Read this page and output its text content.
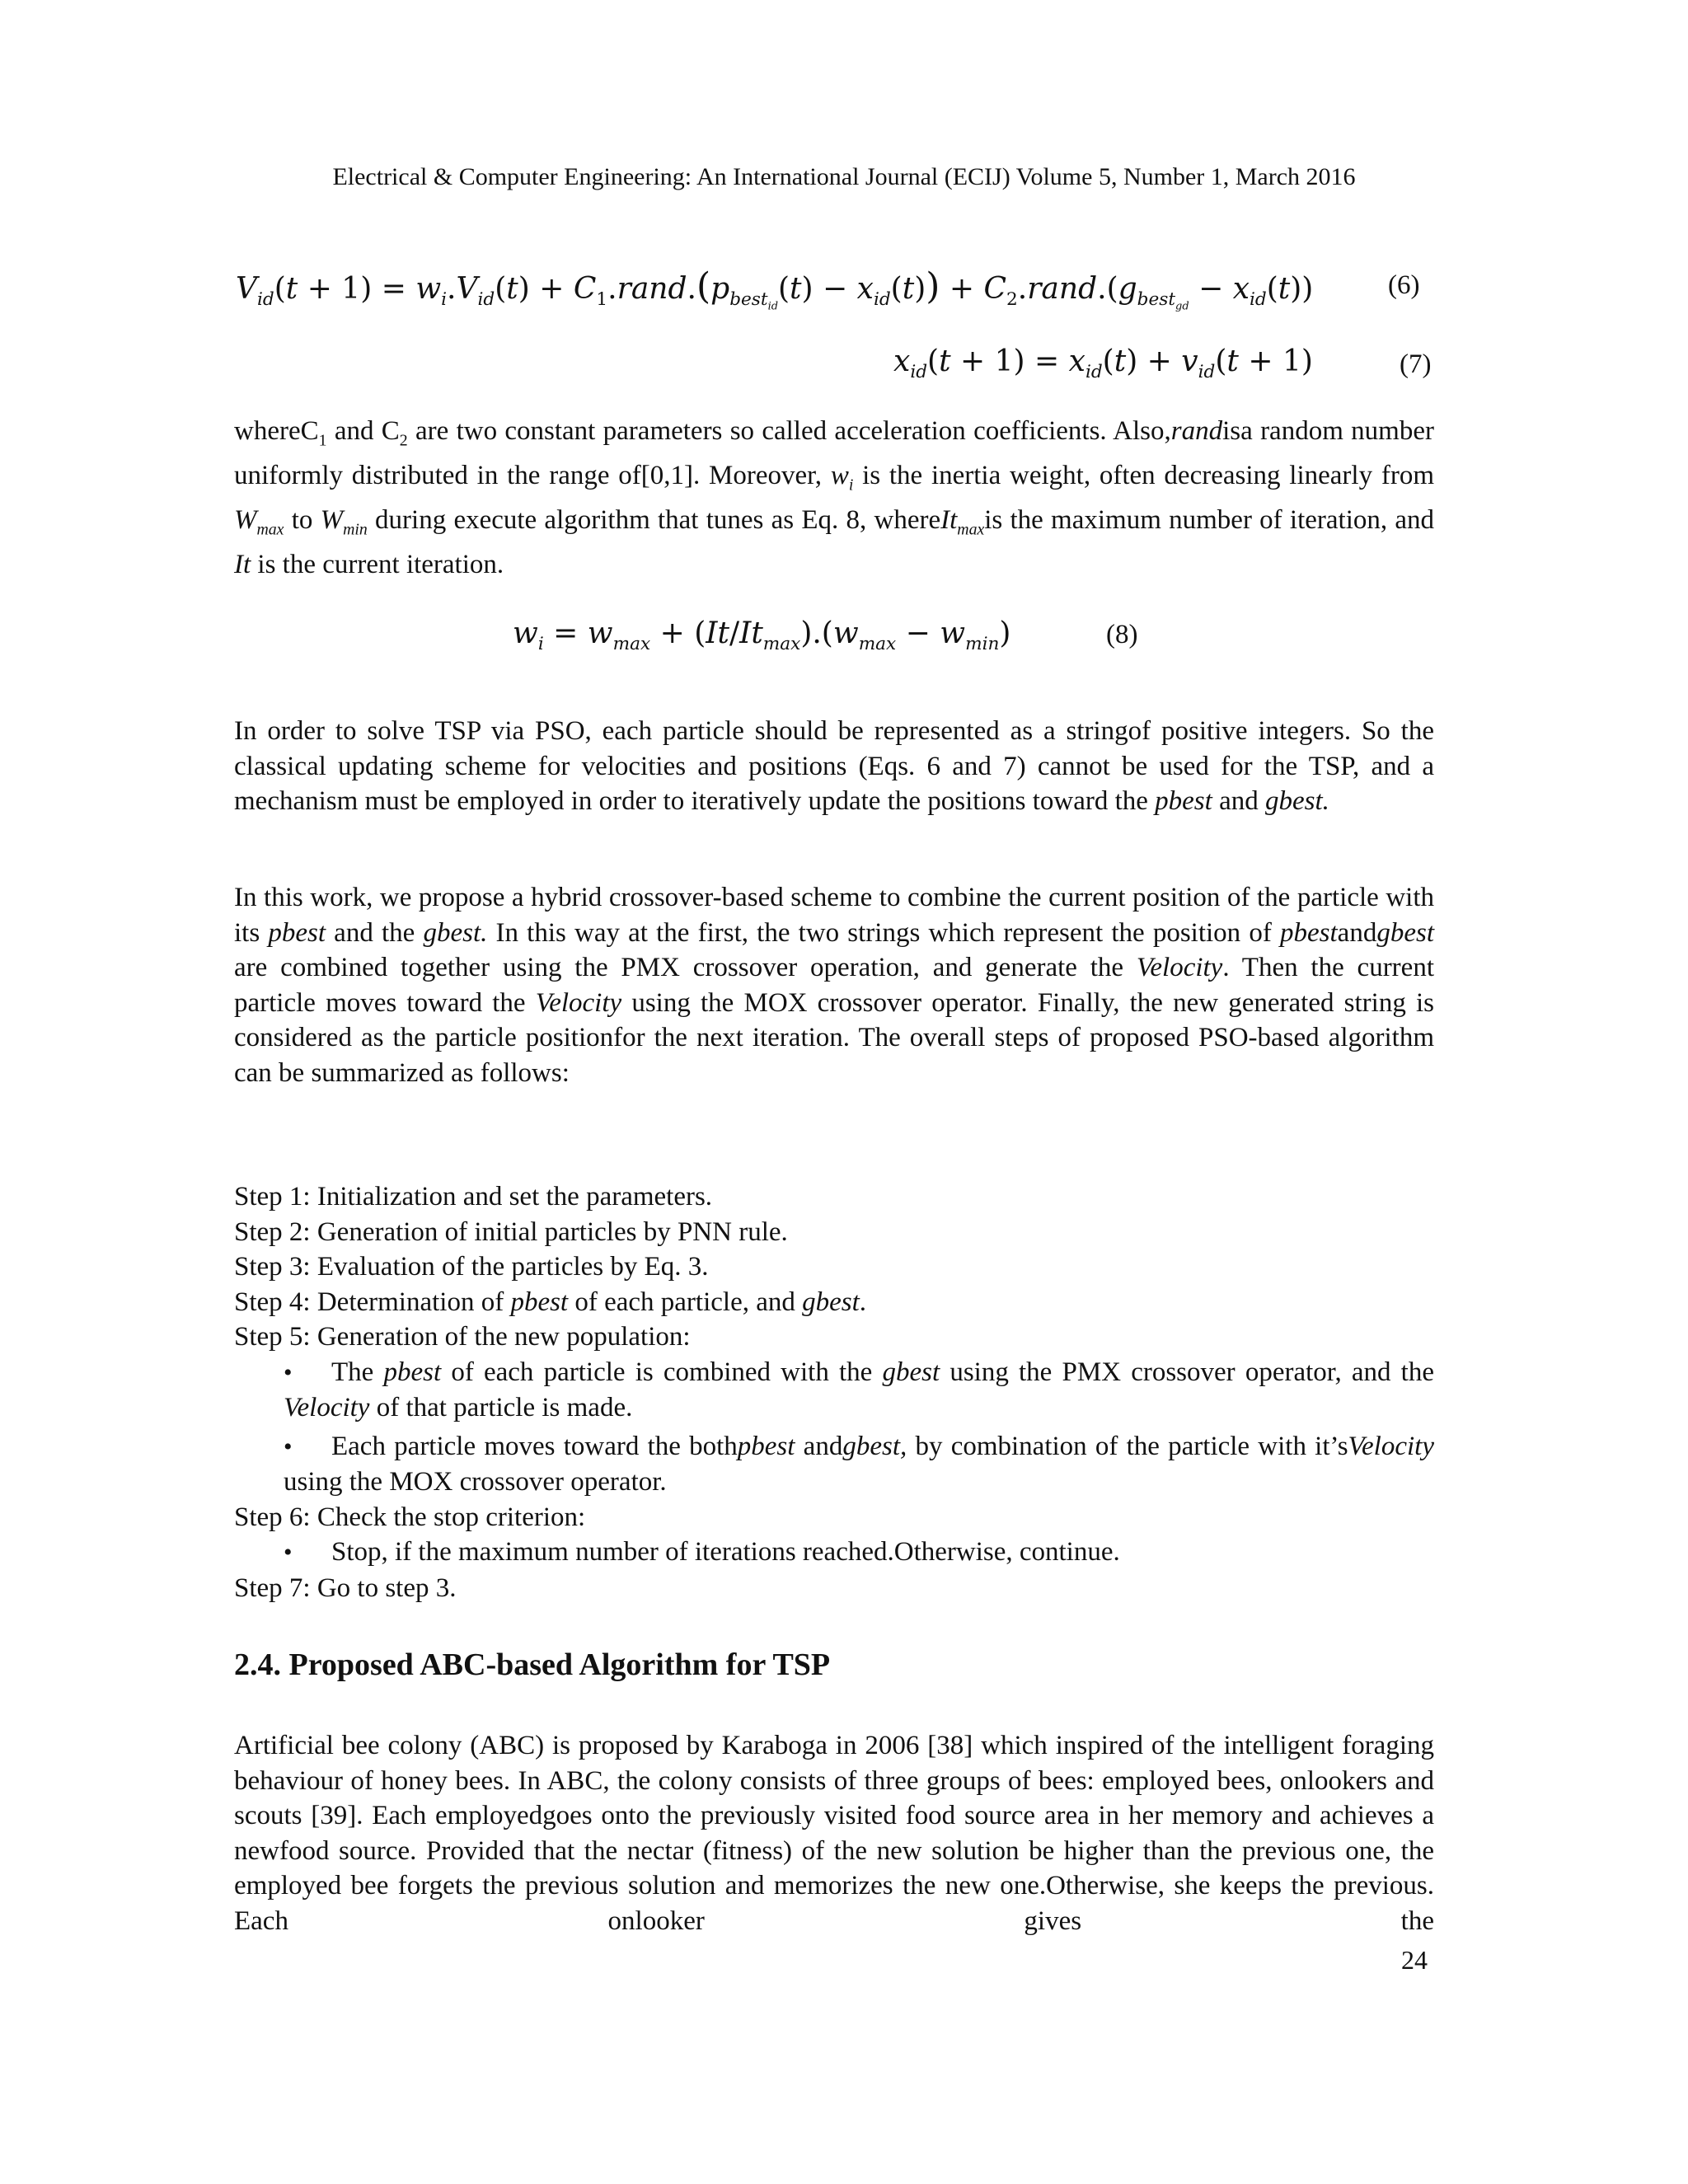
Electrical & Computer Engineering: An International Journal (ECIJ) Volume 5, Number 1, March 2016
$V_{id}(t + 1) = w_i.V_{id}(t)$ + $C_1.rand.(p_{best_{id}}(t) - x_{id}(t))$ + $C_2.rand.(g_{best_{gd}} - x_{id}(t))$	(6)
$x_{id}(t + 1) = x_{id}(t) + v_{id}(t + 1)$	(7)
whereC$_1$ and $C_2$ are two constant parameters so called acceleration coefficients. Also,randisa random number uniformly distributed in the range of[0,1]. Moreover, $w_i$ is the inertia weight, often decreasing linearly from $W_{max}$ to $W_{min}$ during execute algorithm that tunes as Eq. 8, whereIt$_{max}$is the maximum number of iteration, and It is the current iteration.
$w_i = w_{max} + (It/It_{max}).(w_{max} - w_{min})$	(8)
In order to solve TSP via PSO, each particle should be represented as a stringof positive integers. So the classical updating scheme for velocities and positions (Eqs. 6 and 7) cannot be used for the TSP, and a mechanism must be employed in order to iteratively update the positions toward the pbest and gbest.
In this work, we propose a hybrid crossover-based scheme to combine the current position of the particle with its pbest and the gbest. In this way at the first, the two strings which represent the position of pbestandgbest are combined together using the PMX crossover operation, and generate the Velocity. Then the current particle moves toward the Velocity using the MOX crossover operator. Finally, the new generated string is considered as the particle positionfor the next iteration. The overall steps of proposed PSO-based algorithm can be summarized as follows:
Step 1: Initialization and set the parameters.
Step 2: Generation of initial particles by PNN rule.
Step 3: Evaluation of the particles by Eq. 3.
Step 4: Determination of pbest of each particle, and gbest.
Step 5: Generation of the new population:
• The pbest of each particle is combined with the gbest using the PMX crossover operator, and the Velocity of that particle is made.
• Each particle moves toward the bothpbest andgbest, by combination of the particle with it’sVelocity using the MOX crossover operator.
Step 6: Check the stop criterion:
• Stop, if the maximum number of iterations reached.Otherwise, continue.
Step 7: Go to step 3.
2.4. Proposed ABC-based Algorithm for TSP
Artificial bee colony (ABC) is proposed by Karaboga in 2006 [38] which inspired of the intelligent foraging behaviour of honey bees. In ABC, the colony consists of three groups of bees: employed bees, onlookers and scouts [39]. Each employedgoes onto the previously visited food source area in her memory and achieves a newfood source. Provided that the nectar (fitness) of the new solution be higher than the previous one, the employed bee forgets the previous solution and memorizes the new one.Otherwise, she keeps the previous. Each onlooker gives the
24
